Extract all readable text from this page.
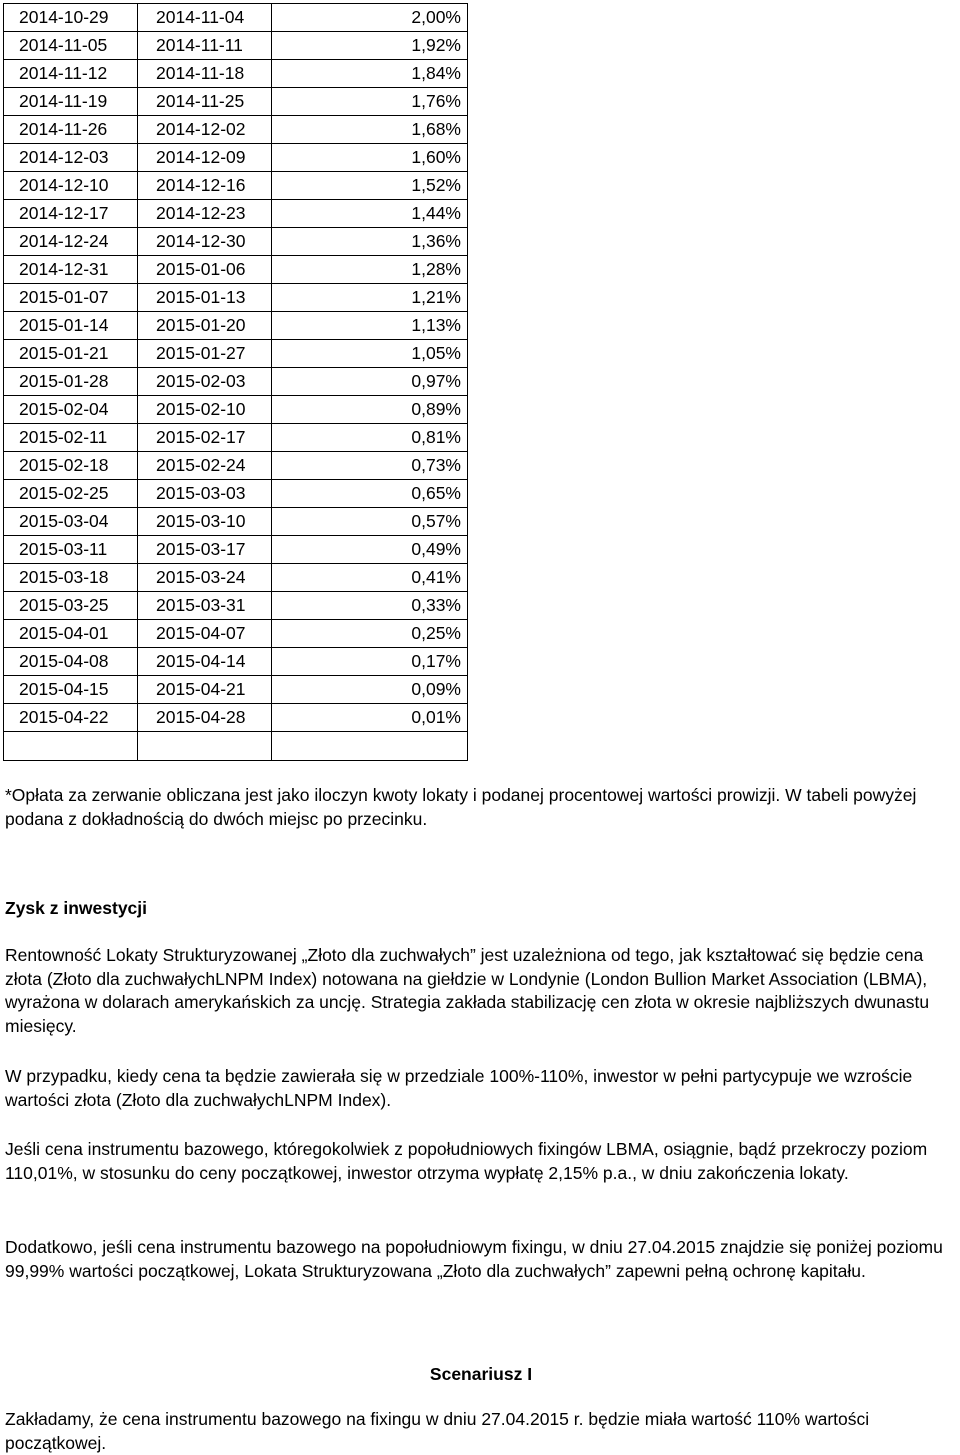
2014-10-29	2014-11-04	2,00%
2014-11-05	2014-11-11	1,92%
2014-11-12	2014-11-18	1,84%
2014-11-19	2014-11-25	1,76%
2014-11-26	2014-12-02	1,68%
2014-12-03	2014-12-09	1,60%
2014-12-10	2014-12-16	1,52%
2014-12-17	2014-12-23	1,44%
2014-12-24	2014-12-30	1,36%
2014-12-31	2015-01-06	1,28%
2015-01-07	2015-01-13	1,21%
2015-01-14	2015-01-20	1,13%
2015-01-21	2015-01-27	1,05%
2015-01-28	2015-02-03	0,97%
2015-02-04	2015-02-10	0,89%
2015-02-11	2015-02-17	0,81%
2015-02-18	2015-02-24	0,73%
2015-02-25	2015-03-03	0,65%
2015-03-04	2015-03-10	0,57%
2015-03-11	2015-03-17	0,49%
2015-03-18	2015-03-24	0,41%
2015-03-25	2015-03-31	0,33%
2015-04-01	2015-04-07	0,25%
2015-04-08	2015-04-14	0,17%
2015-04-15	2015-04-21	0,09%
2015-04-22	2015-04-28	0,01%

*Opłata za zerwanie obliczana jest jako iloczyn kwoty lokaty i podanej procentowej wartości prowizji. W tabeli powyżej podana z dokładnością do dwóch miejsc po przecinku.

Zysk z inwestycji

Rentowność Lokaty Strukturyzowanej „Złoto dla zuchwałych” jest uzależniona od tego, jak kształtować się będzie cena złota (Złoto dla zuchwałychLNPM Index) notowana na giełdzie w Londynie (London Bullion Market Association (LBMA), wyrażona w dolarach amerykańskich za uncję. Strategia zakłada stabilizację cen złota w okresie najbliższych dwunastu miesięcy.

W przypadku, kiedy cena ta będzie zawierała się w przedziale 100%-110%, inwestor w pełni partycypuje we wzroście wartości złota (Złoto dla zuchwałychLNPM Index).

Jeśli cena instrumentu bazowego, któregokolwiek z popołudniowych fixingów LBMA, osiągnie, bądź przekroczy poziom 110,01%, w stosunku do ceny początkowej, inwestor otrzyma wypłatę 2,15% p.a., w dniu zakończenia lokaty.

Dodatkowo, jeśli cena instrumentu bazowego na popołudniowym fixingu, w dniu 27.04.2015 znajdzie się poniżej poziomu 99,99% wartości początkowej, Lokata Strukturyzowana „Złoto dla zuchwałych” zapewni pełną ochronę kapitału.

Scenariusz I

Zakładamy, że cena instrumentu bazowego na fixingu w dniu 27.04.2015 r. będzie miała wartość 110% wartości początkowej.
